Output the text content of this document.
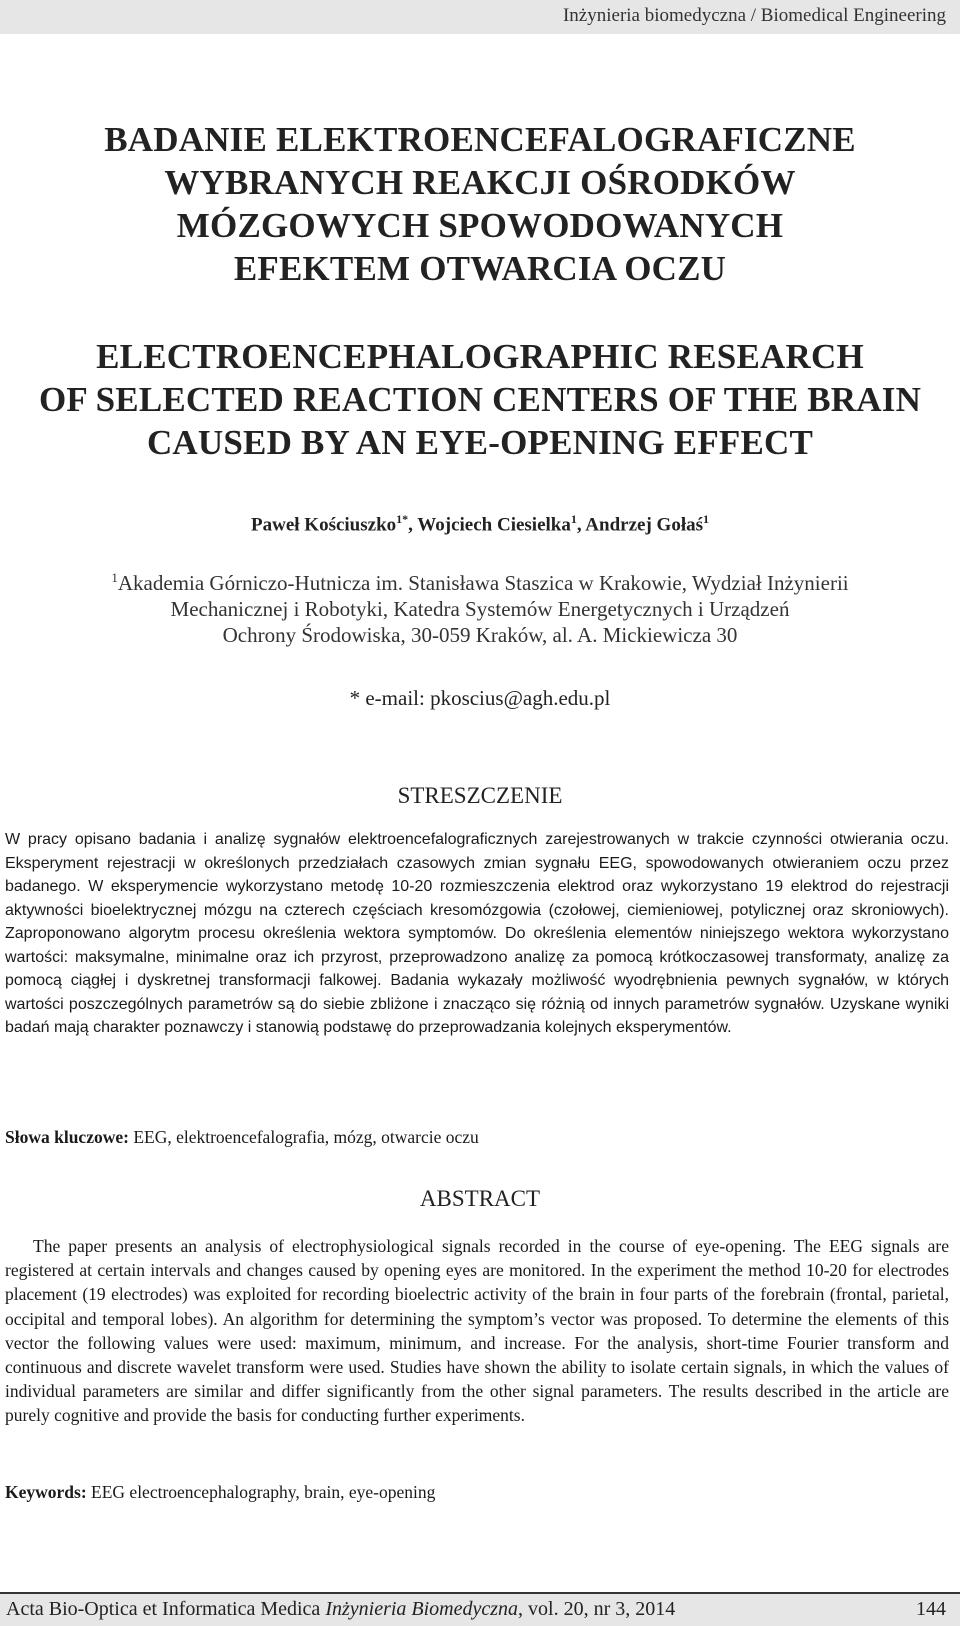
Inżynieria biomedyczna / Biomedical Engineering
BADANIE ELEKTROENCEFALOGRAFICZNE
WYBRANYCH REAKCJI OŚRODKÓW
MÓZGOWYCH SPOWODOWANYCH
EFEKTEM OTWARCIA OCZU
ELECTROENCEPHALOGRAPHIC RESEARCH
OF SELECTED REACTION CENTERS OF THE BRAIN
CAUSED BY AN EYE-OPENING EFFECT
Paweł Kościuszko$^{1*}$, Wojciech Ciesielka$^1$, Andrzej Gołaś$^1$
$^1$Akademia Górniczo-Hutnicza im. Stanisława Staszica w Krakowie, Wydział Inżynierii
Mechanicznej i Robotyki, Katedra Systemów Energetycznych i Urządzeń
Ochrony Środowiska, 30-059 Kraków, al. A. Mickiewicza 30
* e-mail: pkoscius@agh.edu.pl
STRESZCZENIE
W pracy opisano badania i analizę sygnałów elektroencefalograficznych zarejestrowanych w trakcie czynności otwierania oczu. Eksperyment rejestracji w określonych przedziałach czasowych zmian sygnału EEG, spowodowanych otwieraniem oczu przez badanego. W eksperymencie wykorzystano metodę 10-20 rozmieszczenia elektrod oraz wykorzystano 19 elektrod do rejestracji aktywności bioelektrycznej mózgu na czterech częściach kresomózgowia (czołowej, ciemieniowej, potylicznej oraz skroniowych). Zaproponowano algorytm procesu określenia wektora symptomów. Do określenia elementów niniejszego wektora wykorzystano wartości: maksymalne, minimalne oraz ich przyrost, przeprowadzono analizę za pomocą krótkoczasowej transformaty, analizę za pomocą ciągłej i dyskretnej transformacji falkowej. Badania wykazały możliwość wyodrębnienia pewnych sygnałów, w których wartości poszczególnych parametrów są do siebie zbliżone i znacząco się różnią od innych parametrów sygnałów. Uzyskane wyniki badań mają charakter poznawczy i stanowią podstawę do przeprowadzania kolejnych eksperymentów.
Słowa kluczowe: EEG, elektroencefalografia, mózg, otwarcie oczu
ABSTRACT
The paper presents an analysis of electrophysiological signals recorded in the course of eye-opening. The EEG signals are registered at certain intervals and changes caused by opening eyes are monitored. In the experiment the method 10-20 for electrodes placement (19 electrodes) was exploited for recording bioelectric activity of the brain in four parts of the forebrain (frontal, parietal, occipital and temporal lobes). An algorithm for determining the symptom’s vector was proposed. To determine the elements of this vector the following values were used: maximum, minimum, and increase. For the analysis, short-time Fourier transform and continuous and discrete wavelet transform were used. Studies have shown the ability to isolate certain signals, in which the values of individual parameters are similar and differ significantly from the other signal parameters. The results described in the article are purely cognitive and provide the basis for conducting further experiments.
Keywords: EEG electroencephalography, brain, eye-opening
Acta Bio-Optica et Informatica Medica Inżynieria Biomedyczna, vol. 20, nr 3, 2014	144
